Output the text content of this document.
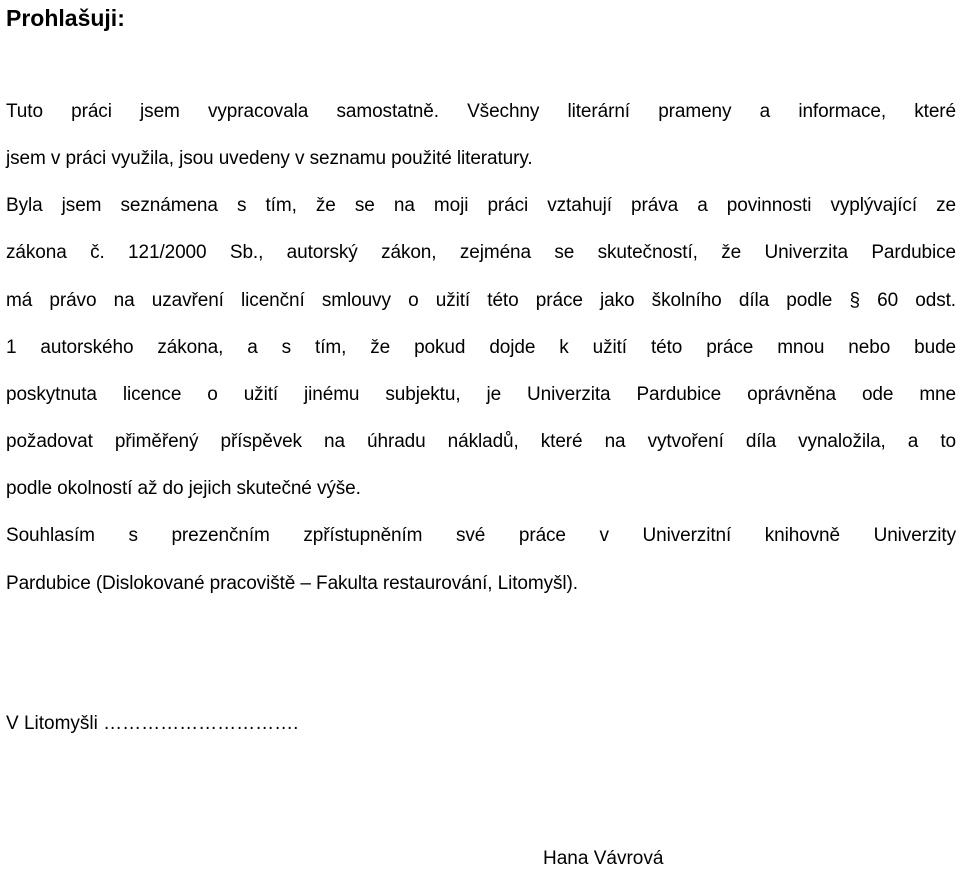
Prohlašuji:
Tuto práci jsem vypracovala samostatně. Všechny literární prameny a informace, které
jsem v práci využila, jsou uvedeny v seznamu použité literatury.
Byla jsem seznámena s tím, že se na moji práci vztahují práva a povinnosti vyplývající ze
zákona č. 121/2000 Sb., autorský zákon, zejména se skutečností, že Univerzita Pardubice
má právo na uzavření licenční smlouvy o užití této práce jako školního díla podle § 60 odst.
1 autorského zákona, a s tím, že pokud dojde k užití této práce mnou nebo bude
poskytnuta licence o užití jinému subjektu, je Univerzita Pardubice oprávněna ode mne
požadovat přiměřený příspěvek na úhradu nákladů, které na vytvoření díla vynaložila, a to
podle okolností až do jejich skutečné výše.
Souhlasím s prezenčním zpřístupněním své práce v Univerzitní knihovně Univerzity
Pardubice (Dislokované pracoviště – Fakulta restaurování, Litomyšl).
V Litomyšli ………………………….
Hana Vávrová
